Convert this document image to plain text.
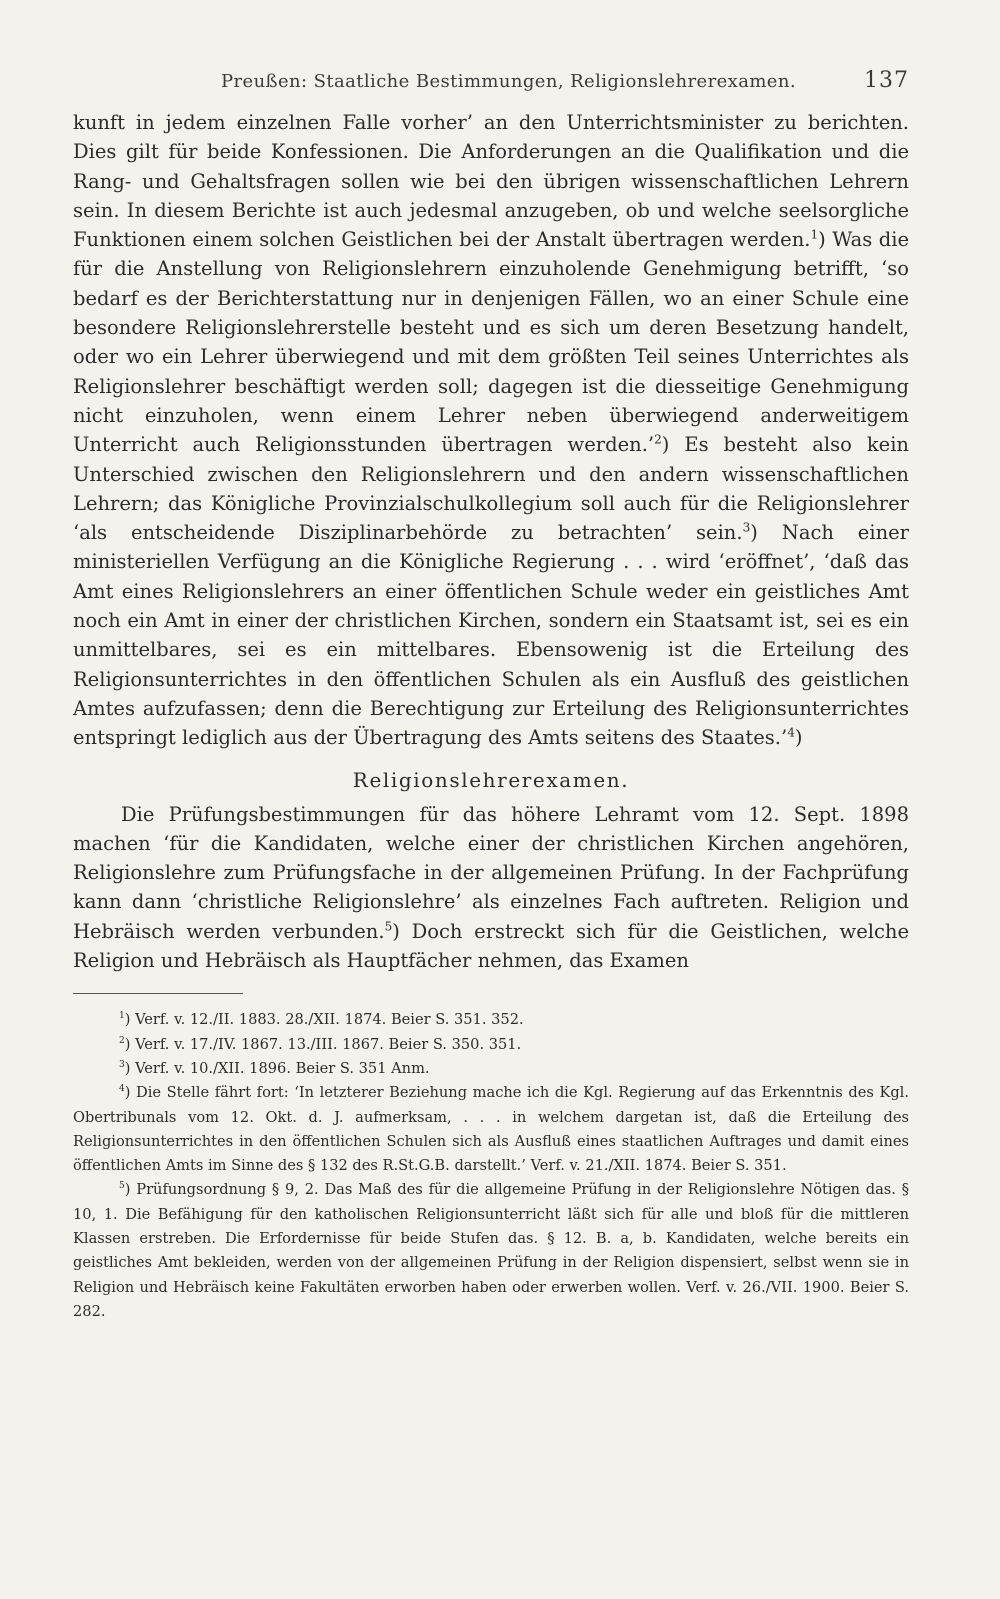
Preußen: Staatliche Bestimmungen, Religionslehrerexamen.	137

kunft in jedem einzelnen Falle vorher’ an den Unterrichtsminister zu berichten. Dies gilt für beide Konfessionen. Die Anforderungen an die Qualifikation und die Rang- und Gehaltsfragen sollen wie bei den übrigen wissenschaftlichen Lehrern sein. In diesem Berichte ist auch jedesmal anzugeben, ob und welche seelsorgliche Funktionen einem solchen Geistlichen bei der Anstalt übertragen werden.$^1$) Was die für die Anstellung von Religionslehrern einzuholende Genehmigung betrifft, ‘so bedarf es der Berichterstattung nur in denjenigen Fällen, wo an einer Schule eine besondere Religionslehrerstelle besteht und es sich um deren Besetzung handelt, oder wo ein Lehrer überwiegend und mit dem größten Teil seines Unterrichtes als Religionslehrer beschäftigt werden soll; dagegen ist die diesseitige Genehmigung nicht einzuholen, wenn einem Lehrer neben überwiegend anderweitigem Unterricht auch Religionsstunden übertragen werden.’$^2$) Es besteht also kein Unterschied zwischen den Religionslehrern und den andern wissenschaftlichen Lehrern; das Königliche Provinzialschulkollegium soll auch für die Religionslehrer ‘als entscheidende Disziplinarbehörde zu betrachten’ sein.$^3$) Nach einer ministeriellen Verfügung an die Königliche Regierung . . . wird ‘eröffnet’, ‘daß das Amt eines Religionslehrers an einer öffentlichen Schule weder ein geistliches Amt noch ein Amt in einer der christlichen Kirchen, sondern ein Staatsamt ist, sei es ein unmittelbares, sei es ein mittelbares. Ebensowenig ist die Erteilung des Religionsunterrichtes in den öffentlichen Schulen als ein Ausfluß des geistlichen Amtes aufzufassen; denn die Berechtigung zur Erteilung des Religionsunterrichtes entspringt lediglich aus der Übertragung des Amts seitens des Staates.’$^4$)

Religionslehrerexamen.

Die Prüfungsbestimmungen für das höhere Lehramt vom 12. Sept. 1898 machen ‘für die Kandidaten, welche einer der christlichen Kirchen angehören, Religionslehre zum Prüfungsfache in der allgemeinen Prüfung. In der Fachprüfung kann dann ‘christliche Religionslehre’ als einzelnes Fach auftreten. Religion und Hebräisch werden verbunden.$^5$) Doch erstreckt sich für die Geistlichen, welche Religion und Hebräisch als Hauptfächer nehmen, das Examen

$^1$) Verf. v. 12./II. 1883. 28./XII. 1874. Beier S. 351. 352.

$^2$) Verf. v. 17./IV. 1867. 13./III. 1867. Beier S. 350. 351.

$^3$) Verf. v. 10./XII. 1896. Beier S. 351 Anm.

$^4$) Die Stelle fährt fort: ‘In letzterer Beziehung mache ich die Kgl. Regierung auf das Erkenntnis des Kgl. Obertribunals vom 12. Okt. d. J. aufmerksam, . . . in welchem dargetan ist, daß die Erteilung des Religionsunterrichtes in den öffentlichen Schulen sich als Ausfluß eines staatlichen Auftrages und damit eines öffentlichen Amts im Sinne des § 132 des R.St.G.B. darstellt.’ Verf. v. 21./XII. 1874. Beier S. 351.

$^5$) Prüfungsordnung § 9, 2. Das Maß des für die allgemeine Prüfung in der Religionslehre Nötigen das. § 10, 1. Die Befähigung für den katholischen Religionsunterricht läßt sich für alle und bloß für die mittleren Klassen erstreben. Die Erfordernisse für beide Stufen das. § 12. B. a, b. Kandidaten, welche bereits ein geistliches Amt bekleiden, werden von der allgemeinen Prüfung in der Religion dispensiert, selbst wenn sie in Religion und Hebräisch keine Fakultäten erworben haben oder erwerben wollen. Verf. v. 26./VII. 1900. Beier S. 282.
